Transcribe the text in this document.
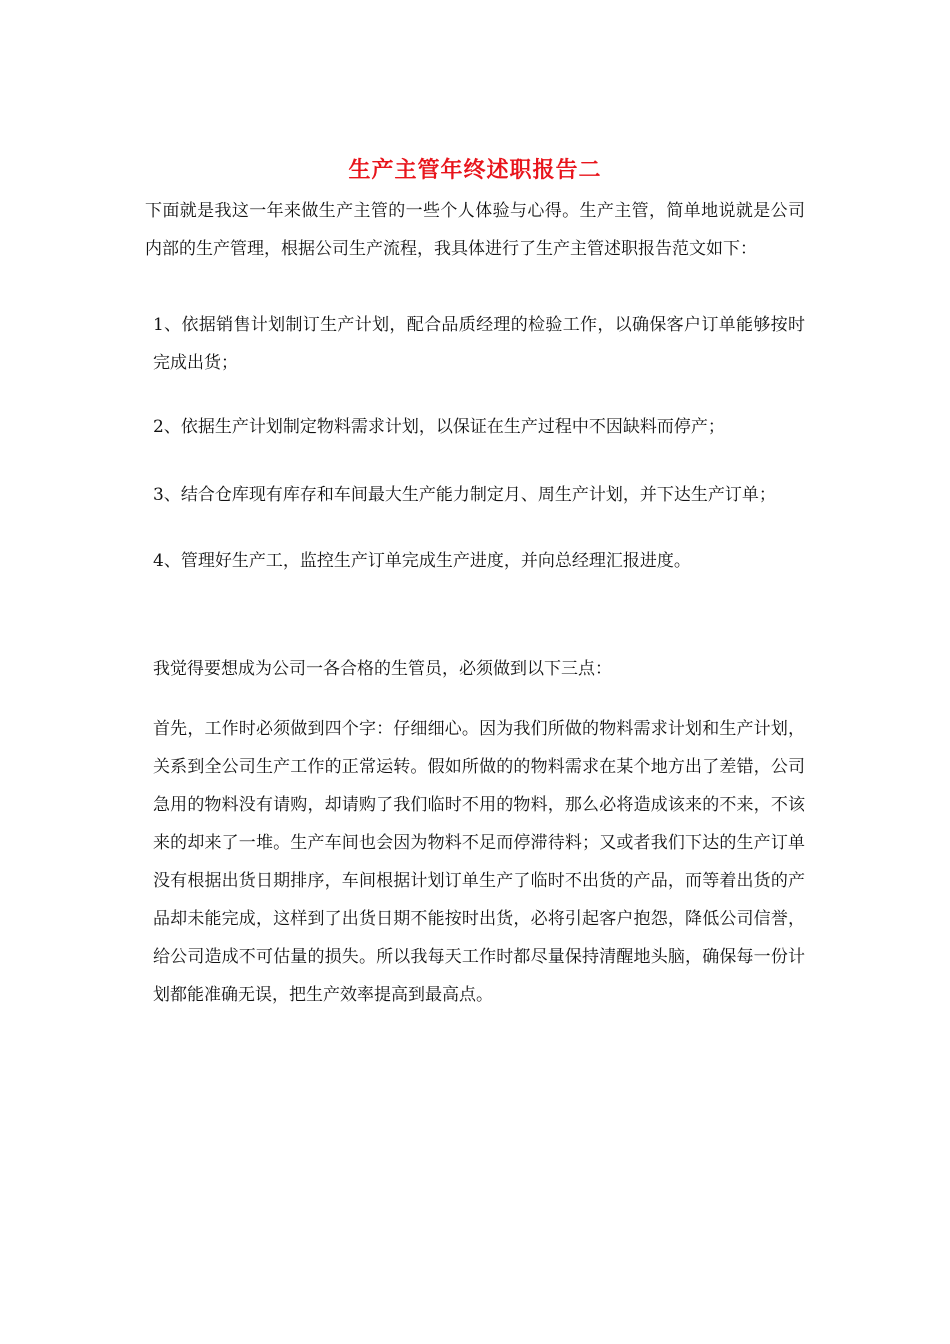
生产主管年终述职报告二

下面就是我这一年来做生产主管的一些个人体验与心得。生产主管，简单地说就是公司内部的生产管理，根据公司生产流程，我具体进行了生产主管述职报告范文如下：

1、依据销售计划制订生产计划，配合品质经理的检验工作，以确保客户订单能够按时完成出货；

2、依据生产计划制定物料需求计划，以保证在生产过程中不因缺料而停产；

3、结合仓库现有库存和车间最大生产能力制定月、周生产计划，并下达生产订单；

4、管理好生产工，监控生产订单完成生产进度，并向总经理汇报进度。

我觉得要想成为公司一各合格的生管员，必须做到以下三点：

首先，工作时必须做到四个字：仔细细心。因为我们所做的物料需求计划和生产计划，关系到全公司生产工作的正常运转。假如所做的的物料需求在某个地方出了差错，公司急用的物料没有请购，却请购了我们临时不用的物料，那么必将造成该来的不来，不该来的却来了一堆。生产车间也会因为物料不足而停滞待料；又或者我们下达的生产订单没有根据出货日期排序，车间根据计划订单生产了临时不出货的产品，而等着出货的产品却未能完成，这样到了出货日期不能按时出货，必将引起客户抱怨，降低公司信誉，给公司造成不可估量的损失。所以我每天工作时都尽量保持清醒地头脑，确保每一份计划都能准确无误，把生产效率提高到最高点。
